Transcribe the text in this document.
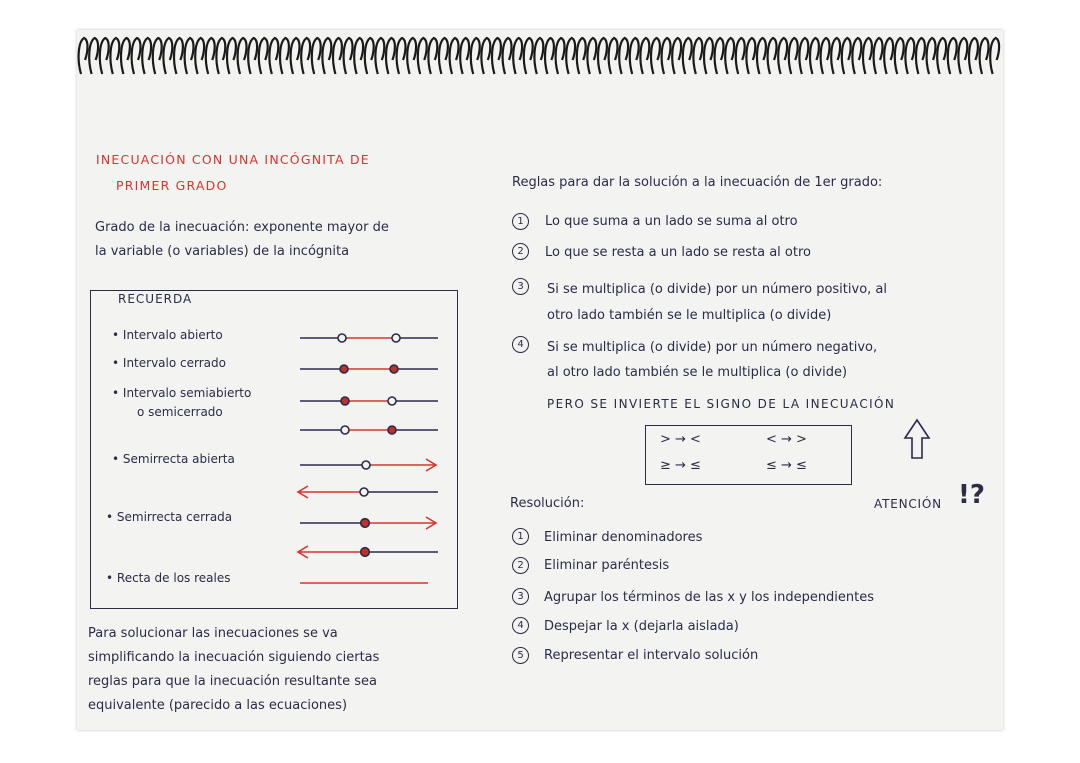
INECUACIÓN CON UNA INCÓGNITA DE
PRIMER GRADO
Grado de la inecuación: exponente mayor de
la variable (o variables) de la incógnita
RECUERDA
• Intervalo abierto
• Intervalo cerrado
• Intervalo semiabierto
o semicerrado
• Semirrecta abierta
• Semirrecta cerrada
• Recta de los reales
Para solucionar las inecuaciones se va
simplificando la inecuación siguiendo ciertas
reglas para que la inecuación resultante sea
equivalente (parecido a las ecuaciones)
Reglas para dar la solución a la inecuación de 1er grado:
1	Lo que suma a un lado se suma al otro
2	Lo que se resta a un lado se resta al otro
3	Si se multiplica (o divide) por un número positivo, al
otro lado también se le multiplica (o divide)
4	Si se multiplica (o divide) por un número negativo,
al otro lado también se le multiplica (o divide)
PERO SE INVIERTE EL SIGNO DE LA INECUACIÓN
> → <	< → >
≥ → ≤	≤ → ≤
ATENCIÓN !?
Resolución:
1	Eliminar denominadores
2	Eliminar paréntesis
3	Agrupar los términos de las x y los independientes
4	Despejar la x (dejarla aislada)
5	Representar el intervalo solución
